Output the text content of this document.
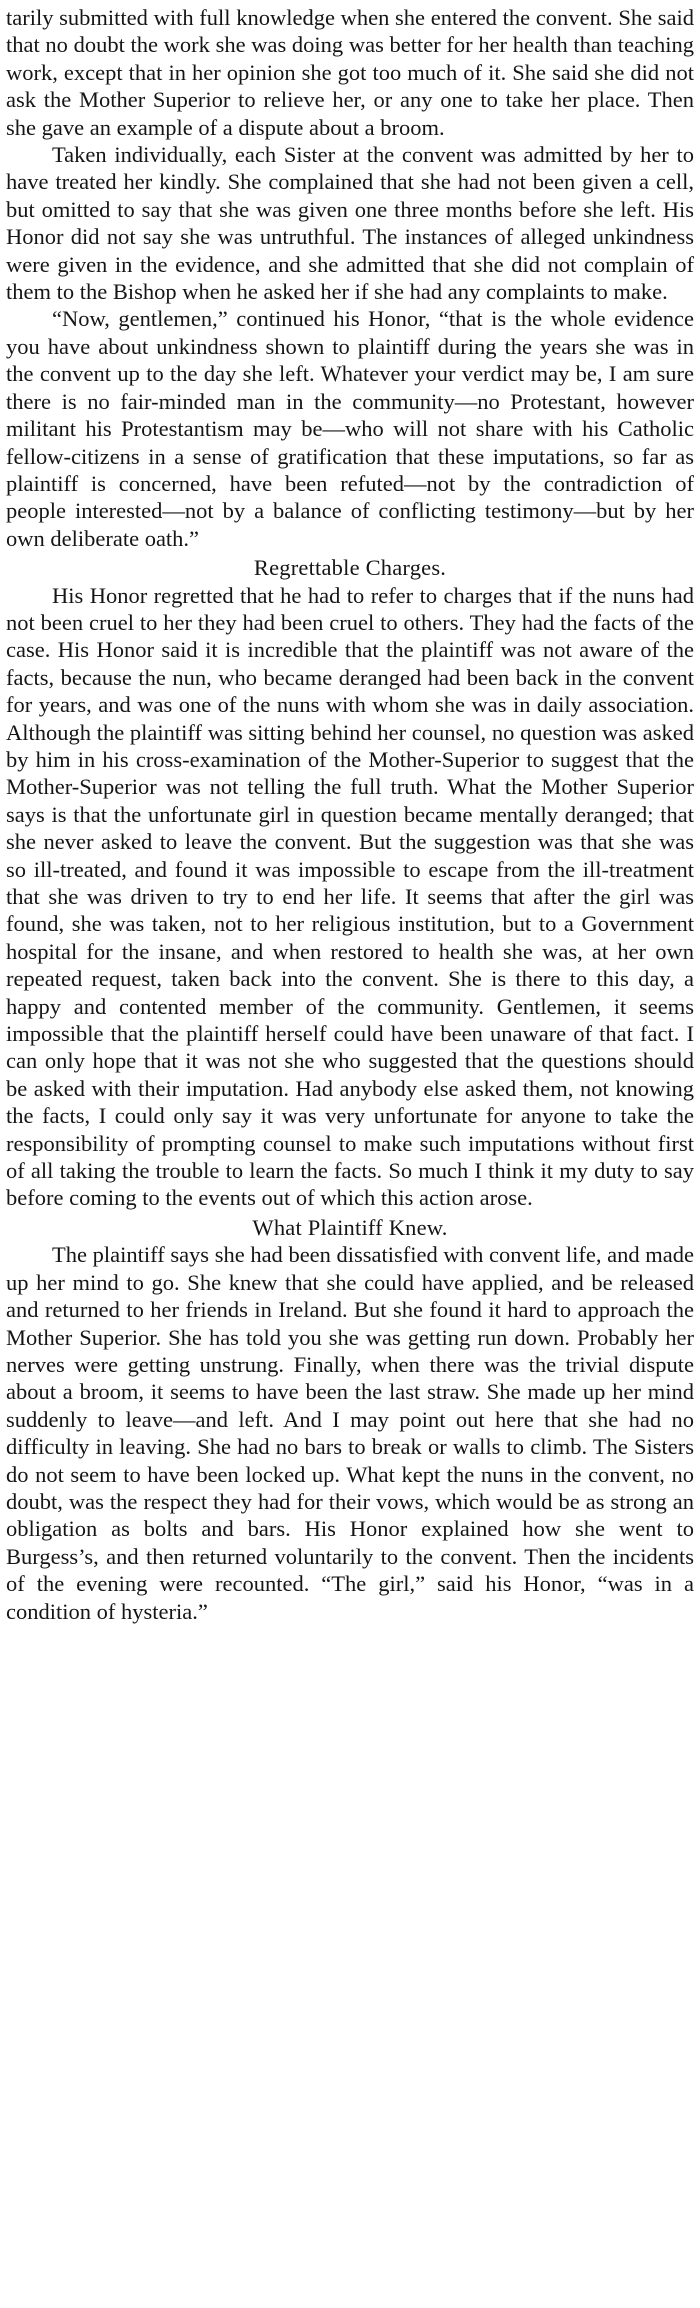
tarily submitted with full knowledge when she entered the convent. She said that no doubt the work she was doing was better for her health than teaching work, except that in her opinion she got too much of it. She said she did not ask the Mother Superior to relieve her, or any one to take her place. Then she gave an example of a dispute about a broom.

Taken individually, each Sister at the convent was admitted by her to have treated her kindly. She complained that she had not been given a cell, but omitted to say that she was given one three months before she left. His Honor did not say she was untruthful. The instances of alleged unkindness were given in the evidence, and she admitted that she did not complain of them to the Bishop when he asked her if she had any complaints to make.

“Now, gentlemen,” continued his Honor, “that is the whole evidence you have about unkindness shown to plaintiff during the years she was in the convent up to the day she left. Whatever your verdict may be, I am sure there is no fair-minded man in the community—no Protestant, however militant his Protestantism may be—who will not share with his Catholic fellow-citizens in a sense of gratification that these imputations, so far as plaintiff is concerned, have been refuted—not by the contradiction of people interested—not by a balance of conflicting testimony—but by her own deliberate oath.”

Regrettable Charges.

His Honor regretted that he had to refer to charges that if the nuns had not been cruel to her they had been cruel to others. They had the facts of the case. His Honor said it is incredible that the plaintiff was not aware of the facts, because the nun, who became deranged had been back in the convent for years, and was one of the nuns with whom she was in daily association. Although the plaintiff was sitting behind her counsel, no question was asked by him in his cross-examination of the Mother-Superior to suggest that the Mother-Superior was not telling the full truth. What the Mother Superior says is that the unfortunate girl in question became mentally deranged; that she never asked to leave the convent. But the suggestion was that she was so ill-treated, and found it was impossible to escape from the ill-treatment that she was driven to try to end her life. It seems that after the girl was found, she was taken, not to her religious institution, but to a Government hospital for the insane, and when restored to health she was, at her own repeated request, taken back into the convent. She is there to this day, a happy and contented member of the community. Gentlemen, it seems impossible that the plaintiff herself could have been unaware of that fact. I can only hope that it was not she who suggested that the questions should be asked with their imputation. Had anybody else asked them, not knowing the facts, I could only say it was very unfortunate for anyone to take the responsibility of prompting counsel to make such imputations without first of all taking the trouble to learn the facts. So much I think it my duty to say before coming to the events out of which this action arose.

What Plaintiff Knew.

The plaintiff says she had been dissatisfied with convent life, and made up her mind to go. She knew that she could have applied, and be released and returned to her friends in Ireland. But she found it hard to approach the Mother Superior. She has told you she was getting run down. Probably her nerves were getting unstrung. Finally, when there was the trivial dispute about a broom, it seems to have been the last straw. She made up her mind suddenly to leave—and left. And I may point out here that she had no difficulty in leaving. She had no bars to break or walls to climb. The Sisters do not seem to have been locked up. What kept the nuns in the convent, no doubt, was the respect they had for their vows, which would be as strong an obligation as bolts and bars. His Honor explained how she went to Burgess’s, and then returned voluntarily to the convent. Then the incidents of the evening were recounted. “The girl,” said his Honor, “was in a condition of hysteria.”
